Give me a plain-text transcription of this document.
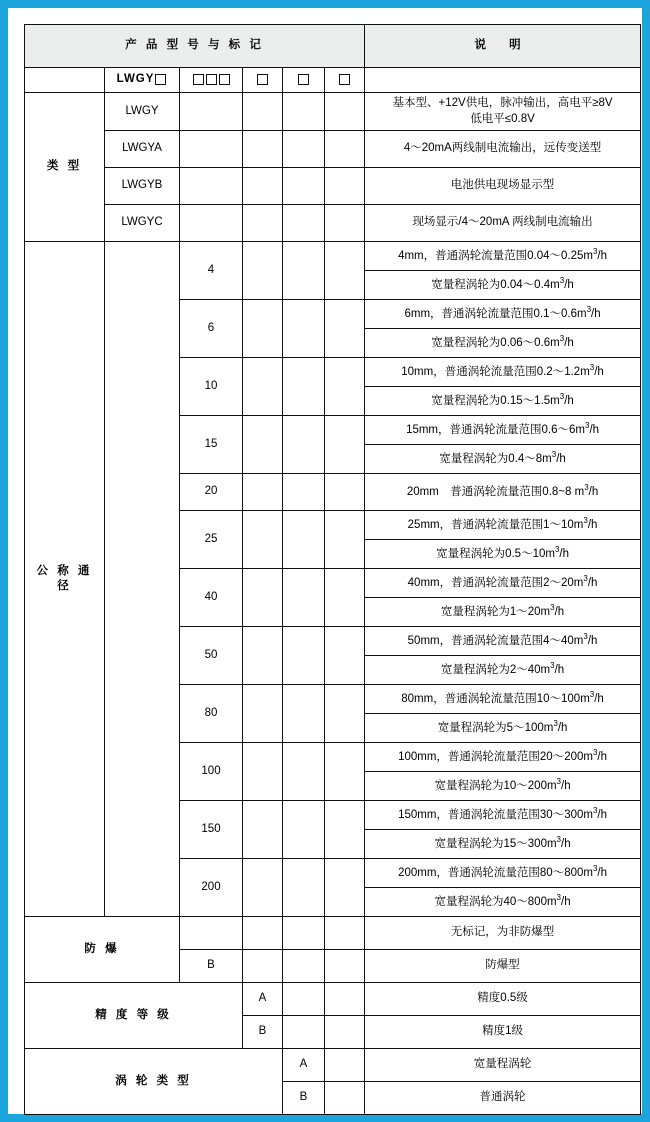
产 品 型 号 与 标 记						说 明
	LWGY					
类 型	LWGY					基本型、+12V供电，脉冲输出，高电平≥8V
低电平≤0.8V

	LWGYA					4～20mA两线制电流输出，远传变送型
	LWGYB					电池供电现场显示型
	LWGYC					现场显示/4～20mA 两线制电流输出
公 称 通 径		4				4mm，普通涡轮流量范围$0.04\sim 0.25m^3/h$
						宽量程涡轮为$0.04\sim 0.4m^3/h$
		6				6mm，普通涡轮流量范围$0.1\sim 0.6m^3/h$
						宽量程涡轮为$0.06\sim 0.6m^3/h$
		10				10mm，普通涡轮流量范围$0.2\sim 1.2m^3/h$
						宽量程涡轮为$0.15\sim 1.5m^3/h$
		15				15mm，普通涡轮流量范围$0.6\sim 6m^3/h$
						宽量程涡轮为$0.4\sim 8m^3/h$
		20				20mm　普通涡轮流量范围0.8~8 $m^3/h$
		25				25mm，普通涡轮流量范围$1\sim 10m^3/h$
						宽量程涡轮为$0.5\sim 10m^3/h$
		40				40mm，普通涡轮流量范围$2\sim 20m^3/h$
						宽量程涡轮为$1\sim 20m^3/h$
		50				50mm，普通涡轮流量范围$4\sim 40m^3/h$
						宽量程涡轮为$2\sim 40m^3/h$
		80				80mm，普通涡轮流量范围$10\sim 100m^3/h$
						宽量程涡轮为$5\sim 100m^3/h$
		100				100mm，普通涡轮流量范围$20\sim 200m^3/h$
						宽量程涡轮为$10\sim 200m^3/h$
		150				150mm，普通涡轮流量范围$30\sim 300m^3/h$
						宽量程涡轮为$15\sim 300m^3/h$
		200				200mm，普通涡轮流量范围$80\sim 800m^3/h$
						宽量程涡轮为$40\sim 800m^3/h$
防 爆						无标记，为非防爆型
		B				防爆型
精 度 等 级			A			精度0.5级
			B			精度1级
涡 轮 类 型				A		宽量程涡轮
				B		普通涡轮
